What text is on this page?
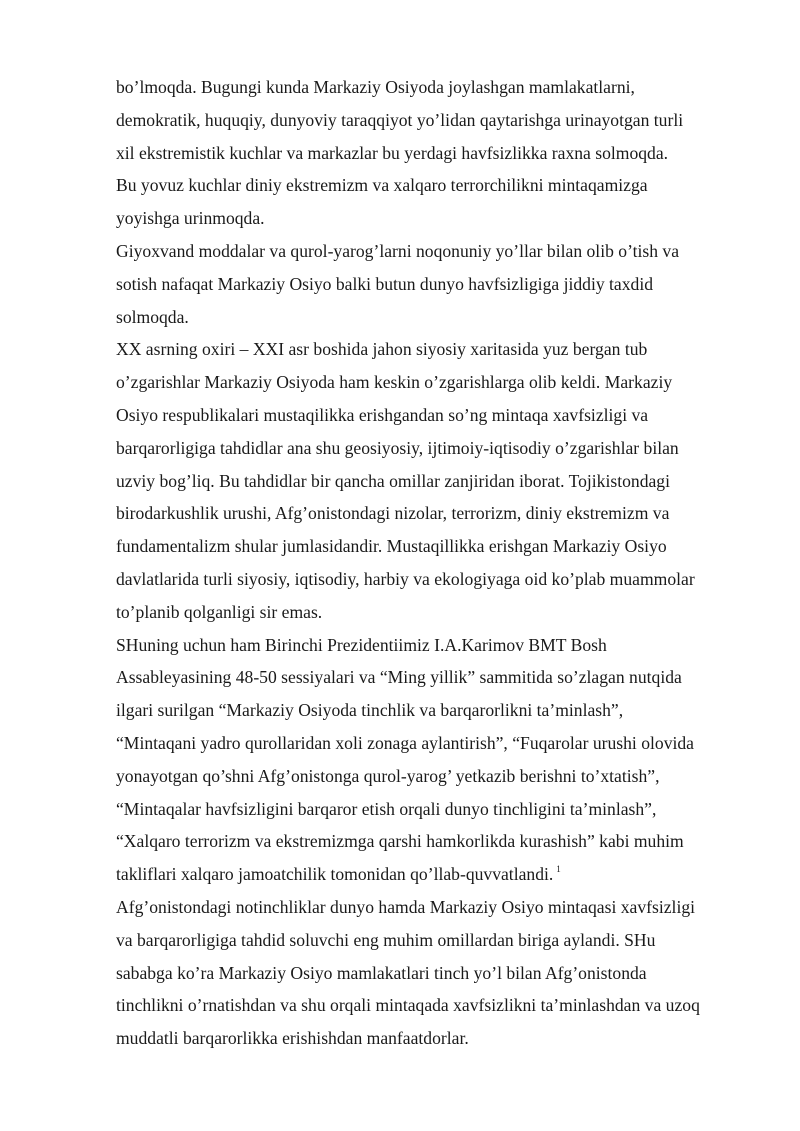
bo’lmoqda. Bugungi kunda Markaziy Osiyoda joylashgan mamlakatlarni,
demokratik, huquqiy, dunyoviy taraqqiyot yo’lidan qaytarishga urinayotgan turli
xil ekstremistik kuchlar va markazlar bu yerdagi havfsizlikka raxna solmoqda.
Bu yovuz kuchlar diniy ekstremizm va xalqaro terrorchilikni mintaqamizga
yoyishga urinmoqda.
Giyoxvand moddalar va qurol-yarog’larni noqonuniy yo’llar bilan olib o’tish va
sotish nafaqat Markaziy Osiyo balki butun dunyo havfsizligiga jiddiy taxdid
solmoqda.
XX asrning oxiri – XXI asr boshida jahon siyosiy xaritasida yuz bergan tub
o’zgarishlar Markaziy Osiyoda ham keskin o’zgarishlarga olib keldi. Markaziy
Osiyo respublikalari mustaqilikka erishgandan so’ng mintaqa xavfsizligi va
barqarorligiga tahdidlar ana shu geosiyosiy, ijtimoiy-iqtisodiy o’zgarishlar bilan
uzviy bog’liq. Bu tahdidlar bir qancha omillar zanjiridan iborat. Tojikistondagi
birodarkushlik urushi, Afg’onistondagi nizolar, terrorizm, diniy ekstremizm va
fundamentalizm shular jumlasidandir. Mustaqillikka erishgan Markaziy Osiyo
davlatlarida turli siyosiy, iqtisodiy, harbiy va ekologiyaga oid ko’plab muammolar
to’planib qolganligi sir emas.
SHuning uchun ham Birinchi Prezidentiimiz I.A.Karimov BMT Bosh
Assableyasining 48-50 sessiyalari va “Ming yillik” sammitida so’zlagan nutqida
ilgari surilgan “Markaziy Osiyoda tinchlik va barqarorlikni ta’minlash”,
“Mintaqani yadro qurollaridan xoli zonaga aylantirish”, “Fuqarolar urushi olovida
yonayotgan qo’shni Afg’onistonga qurol-yarog’ yetkazib berishni to’xtatish”,
“Mintaqalar havfsizligini barqaror etish orqali dunyo tinchligini ta’minlash”,
“Xalqaro terrorizm va ekstremizmga qarshi hamkorlikda kurashish” kabi muhim
takliflari xalqaro jamoatchilik tomonidan qo’llab-quvvatlandi. $^1$
Afg’onistondagi notinchliklar dunyo hamda Markaziy Osiyo mintaqasi xavfsizligi
va barqarorligiga tahdid soluvchi eng muhim omillardan biriga aylandi. SHu
sababga ko’ra Markaziy Osiyo mamlakatlari tinch yo’l bilan Afg’onistonda
tinchlikni o’rnatishdan va shu orqali mintaqada xavfsizlikni ta’minlashdan va uzoq
muddatli barqarorlikka erishishdan manfaatdorlar.
